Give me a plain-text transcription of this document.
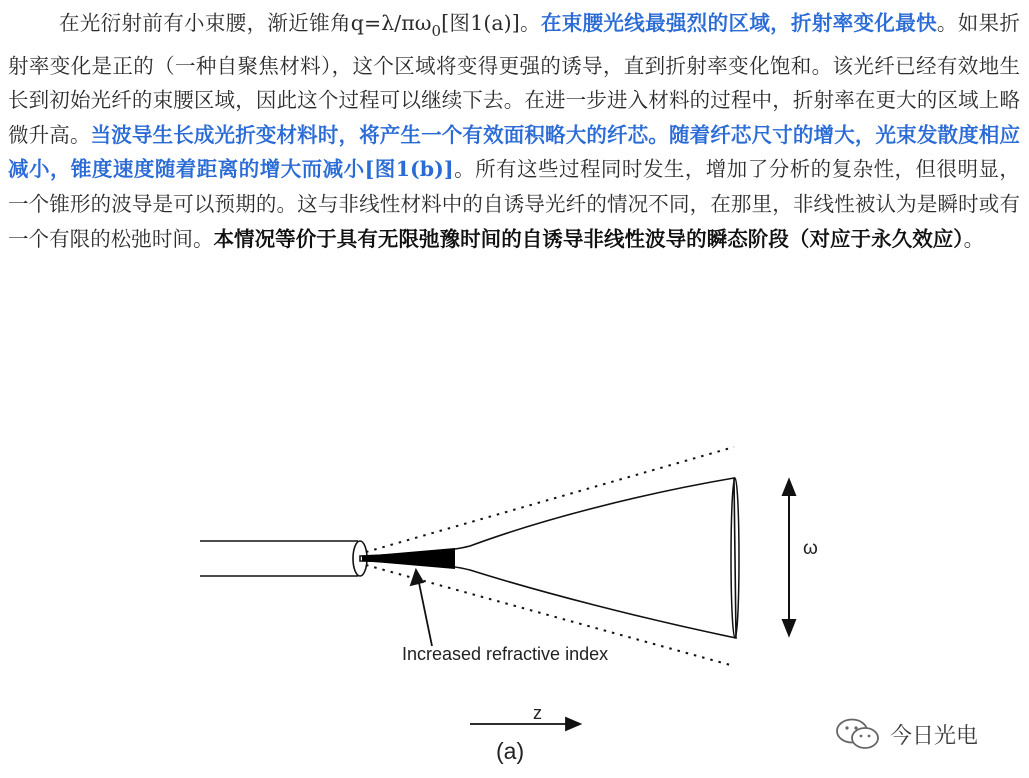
在光衍射前有小束腰，渐近锥角$q=\lambda/\pi\omega_0$[图1(a)]。在束腰光线最强烈的区域，折射率变化最快。如果折射率变化是正的（一种自聚焦材料），这个区域将变得更强的诱导，直到折射率变化饱和。该光纤已经有效地生长到初始光纤的束腰区域，因此这个过程可以继续下去。在进一步进入材料的过程中，折射率在更大的区域上略微升高。当波导生长成光折变材料时，将产生一个有效面积略大的纤芯。随着纤芯尺寸的增大，光束发散度相应减小，锥度速度随着距离的增大而减小[图1(b)]。所有这些过程同时发生，增加了分析的复杂性，但很明显，一个锥形的波导是可以预期的。这与非线性材料中的自诱导光纤的情况不同，在那里，非线性被认为是瞬时或有一个有限的松弛时间。本情况等价于具有无限弛豫时间的自诱导非线性波导的瞬态阶段（对应于永久效应）。

Increased refractive index
ω
z
(a)
今日光电
